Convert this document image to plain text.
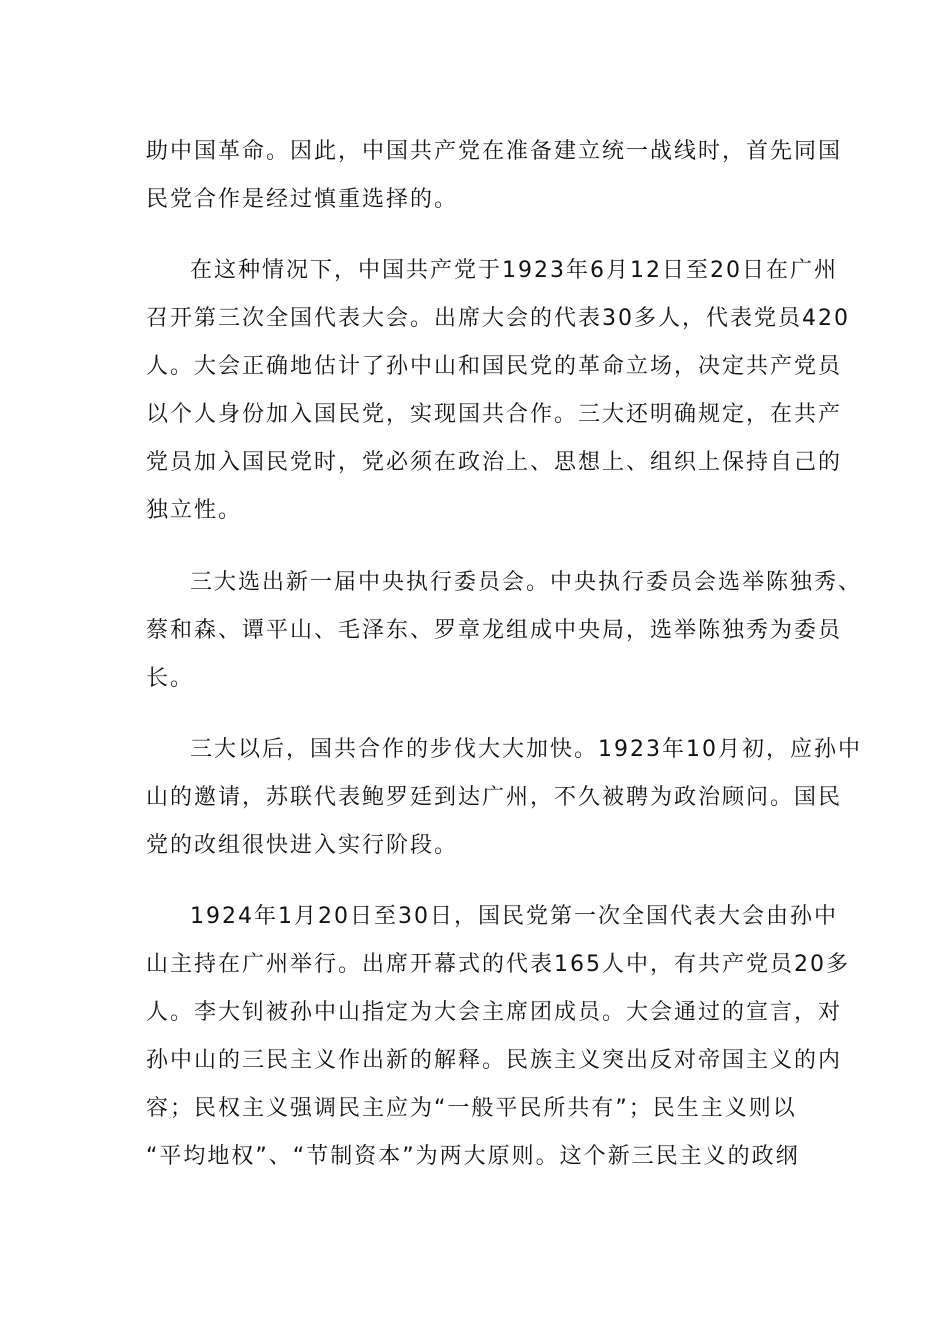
助中国革命。因此，中国共产党在准备建立统一战线时，首先同国
民党合作是经过慎重选择的。
在这种情况下，中国共产党于1923年6月12日至20日在广州
召开第三次全国代表大会。出席大会的代表30多人，代表党员420
人。大会正确地估计了孙中山和国民党的革命立场，决定共产党员
以个人身份加入国民党，实现国共合作。三大还明确规定，在共产
党员加入国民党时，党必须在政治上、思想上、组织上保持自己的
独立性。
三大选出新一届中央执行委员会。中央执行委员会选举陈独秀、
蔡和森、谭平山、毛泽东、罗章龙组成中央局，选举陈独秀为委员
长。
三大以后，国共合作的步伐大大加快。1923年10月初，应孙中
山的邀请，苏联代表鲍罗廷到达广州，不久被聘为政治顾问。国民
党的改组很快进入实行阶段。
1924年1月20日至30日，国民党第一次全国代表大会由孙中
山主持在广州举行。出席开幕式的代表165人中，有共产党员20多
人。李大钊被孙中山指定为大会主席团成员。大会通过的宣言，对
孙中山的三民主义作出新的解释。民族主义突出反对帝国主义的内
容；民权主义强调民主应为“一般平民所共有”；民生主义则以
“平均地权”、“节制资本”为两大原则。这个新三民主义的政纲
